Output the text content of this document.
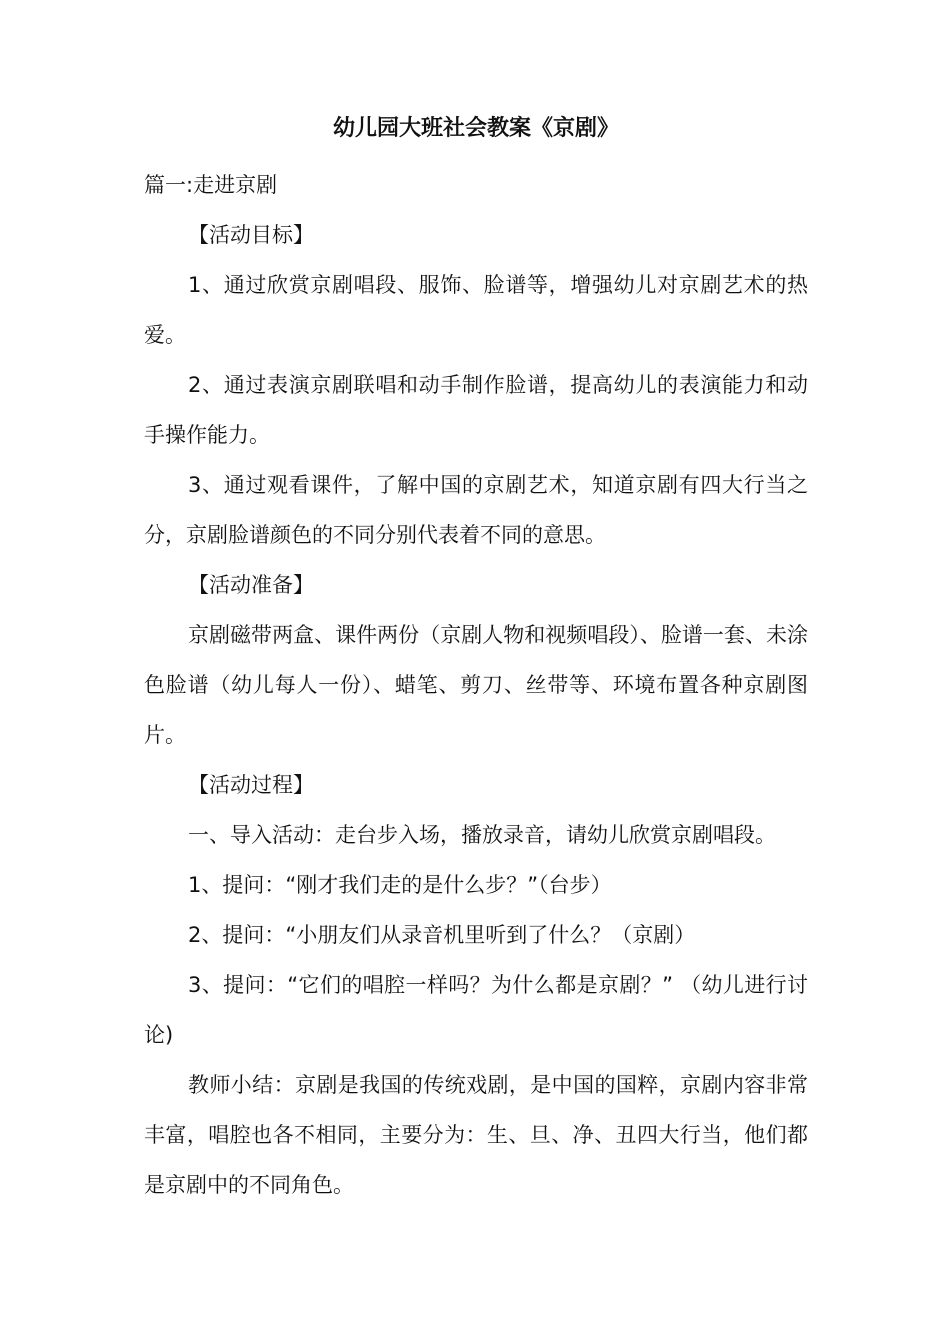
幼儿园大班社会教案《京剧》

篇一:走进京剧

【活动目标】

1、通过欣赏京剧唱段、服饰、脸谱等，增强幼儿对京剧艺术的热爱。

2、通过表演京剧联唱和动手制作脸谱，提高幼儿的表演能力和动手操作能力。

3、通过观看课件，了解中国的京剧艺术，知道京剧有四大行当之分，京剧脸谱颜色的不同分别代表着不同的意思。

【活动准备】

京剧磁带两盒、课件两份（京剧人物和视频唱段）、脸谱一套、未涂色脸谱（幼儿每人一份）、蜡笔、剪刀、丝带等、环境布置各种京剧图片。

【活动过程】

一、导入活动：走台步入场，播放录音，请幼儿欣赏京剧唱段。

1、提问：“刚才我们走的是什么步？”（台步）

2、提问：“小朋友们从录音机里听到了什么？（京剧）

3、提问：“它们的唱腔一样吗？为什么都是京剧？” （幼儿进行讨论)

教师小结：京剧是我国的传统戏剧，是中国的国粹，京剧内容非常丰富，唱腔也各不相同，主要分为：生、旦、净、丑四大行当，他们都是京剧中的不同角色。
